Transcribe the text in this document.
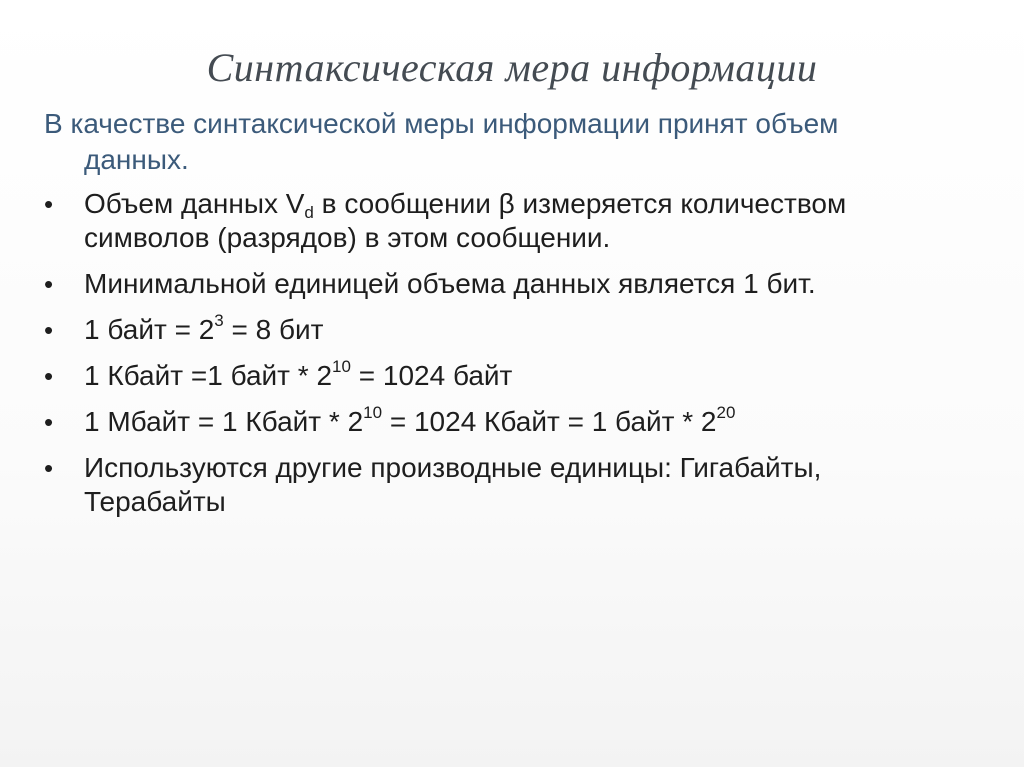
Синтаксическая мера информации
В качестве синтаксической меры информации принят объем
данных.
•	Объем данных $V_d$ в сообщении β измеряется количеством
символов (разрядов) в этом сообщении.
•	Минимальной единицей объема данных является 1 бит.
•	1 байт = $2^3 = 8$ бит
•	1 Кбайт =1 байт * $2^{10} = 1024$ байт
•	1 Мбайт = 1 Кбайт * $2^{10} = 1024$ Кбайт = 1 байт * $2^{20}$
•	Используются другие производные единицы: Гигабайты,
Терабайты
